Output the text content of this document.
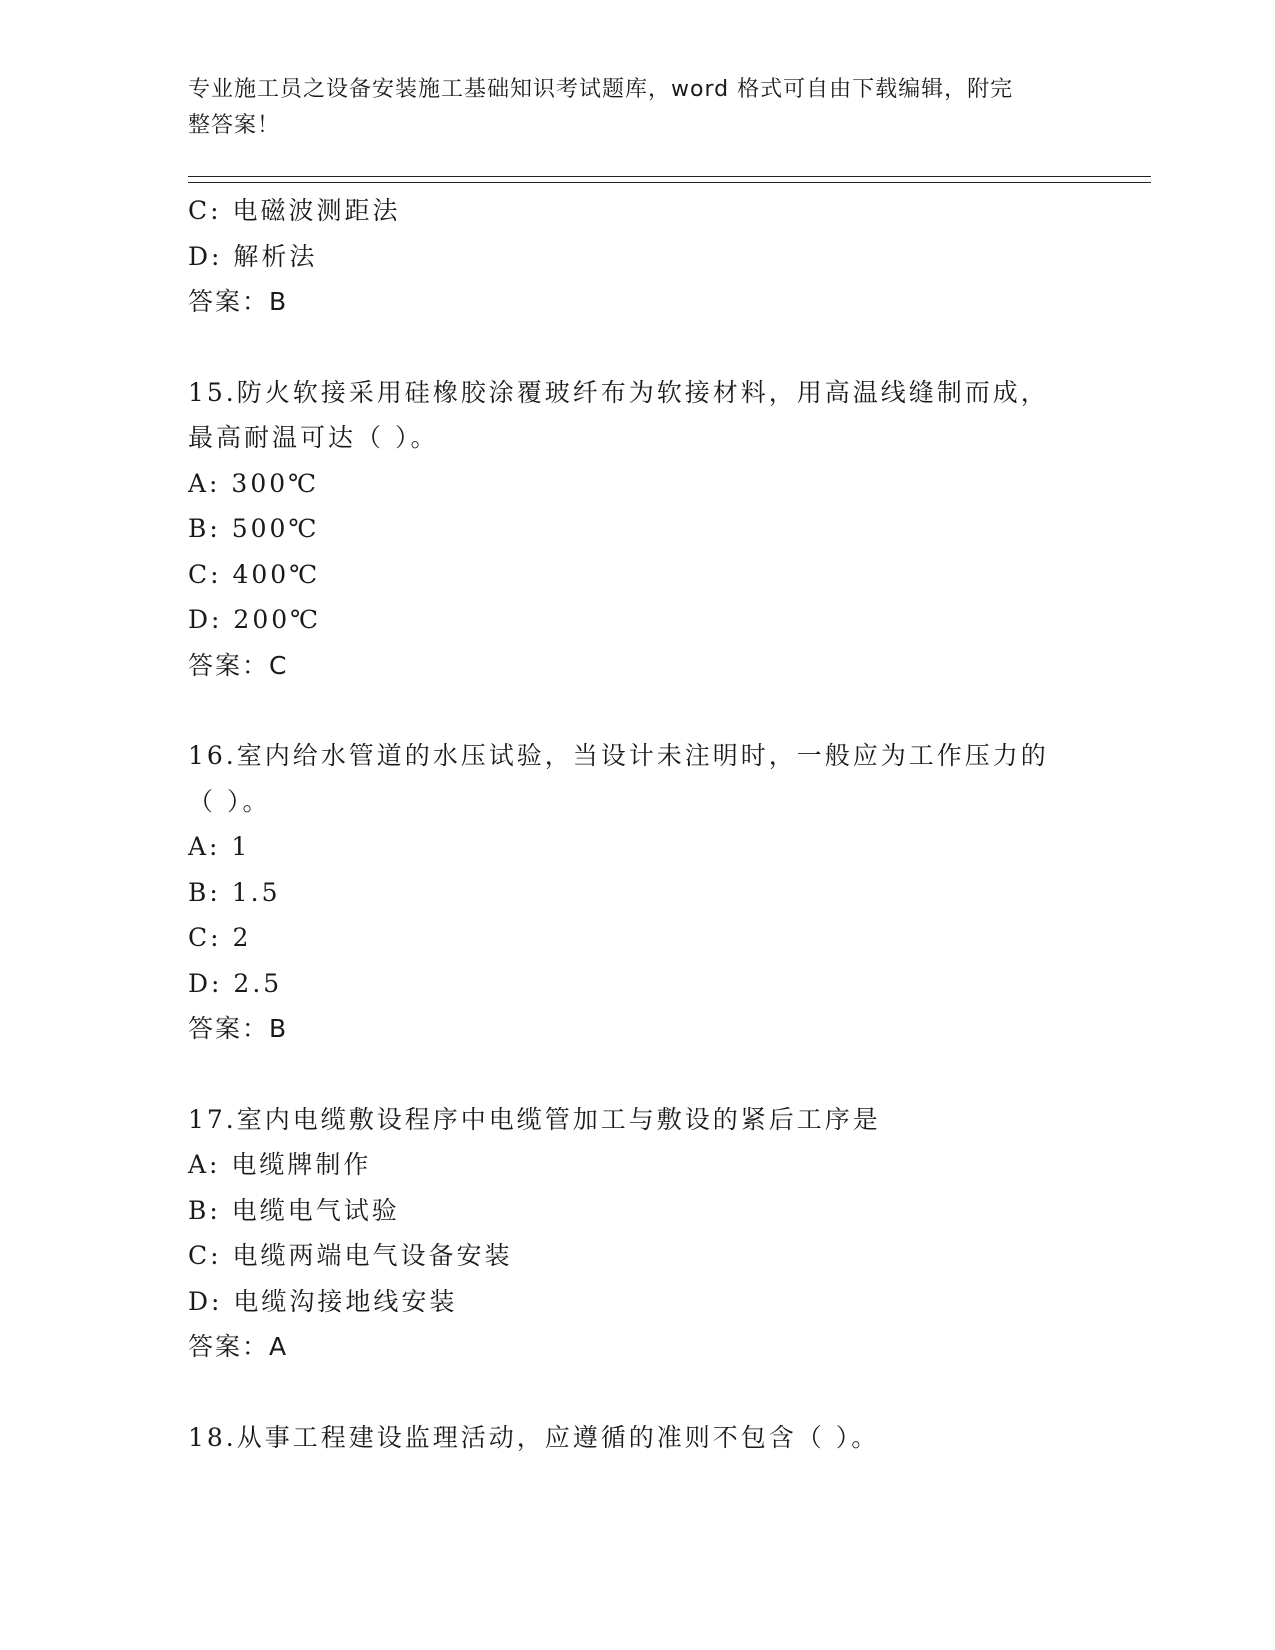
专业施工员之设备安装施工基础知识考试题库，word 格式可自由下载编辑，附完
整答案！
C: 电磁波测距法
D: 解析法
答案：B
15.防火软接采用硅橡胶涂覆玻纤布为软接材料，用高温线缝制而成，
最高耐温可达（ ）。
A: 300℃
B: 500℃
C: 400℃
D: 200℃
答案：C
16.室内给水管道的水压试验，当设计未注明时，一般应为工作压力的
（ ）。
A: 1
B: 1.5
C: 2
D: 2.5
答案：B
17.室内电缆敷设程序中电缆管加工与敷设的紧后工序是
A: 电缆牌制作
B: 电缆电气试验
C: 电缆两端电气设备安装
D: 电缆沟接地线安装
答案：A
18.从事工程建设监理活动，应遵循的准则不包含（ ）。
